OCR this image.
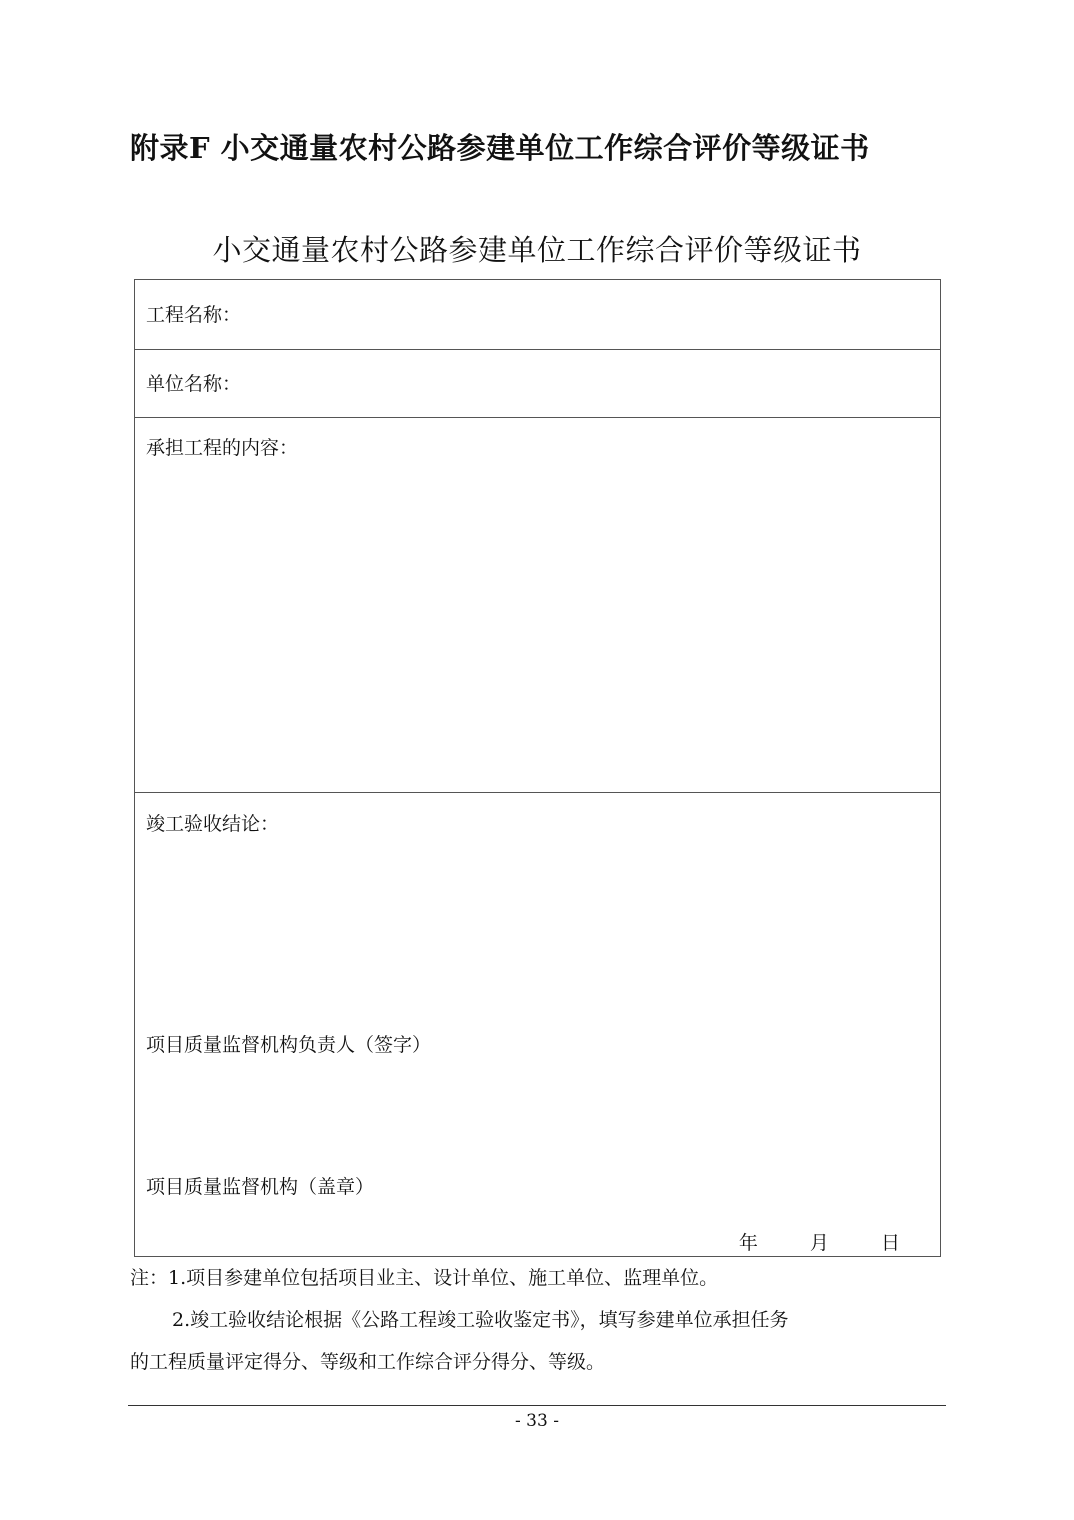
附录F 小交通量农村公路参建单位工作综合评价等级证书
小交通量农村公路参建单位工作综合评价等级证书
工程名称：
单位名称：
承担工程的内容：
竣工验收结论：
项目质量监督机构负责人（签字）
项目质量监督机构（盖章）
年	月	日
注：1.项目参建单位包括项目业主、设计单位、施工单位、监理单位。
2.竣工验收结论根据《公路工程竣工验收鉴定书》，填写参建单位承担任务
的工程质量评定得分、等级和工作综合评分得分、等级。
- 33 -
